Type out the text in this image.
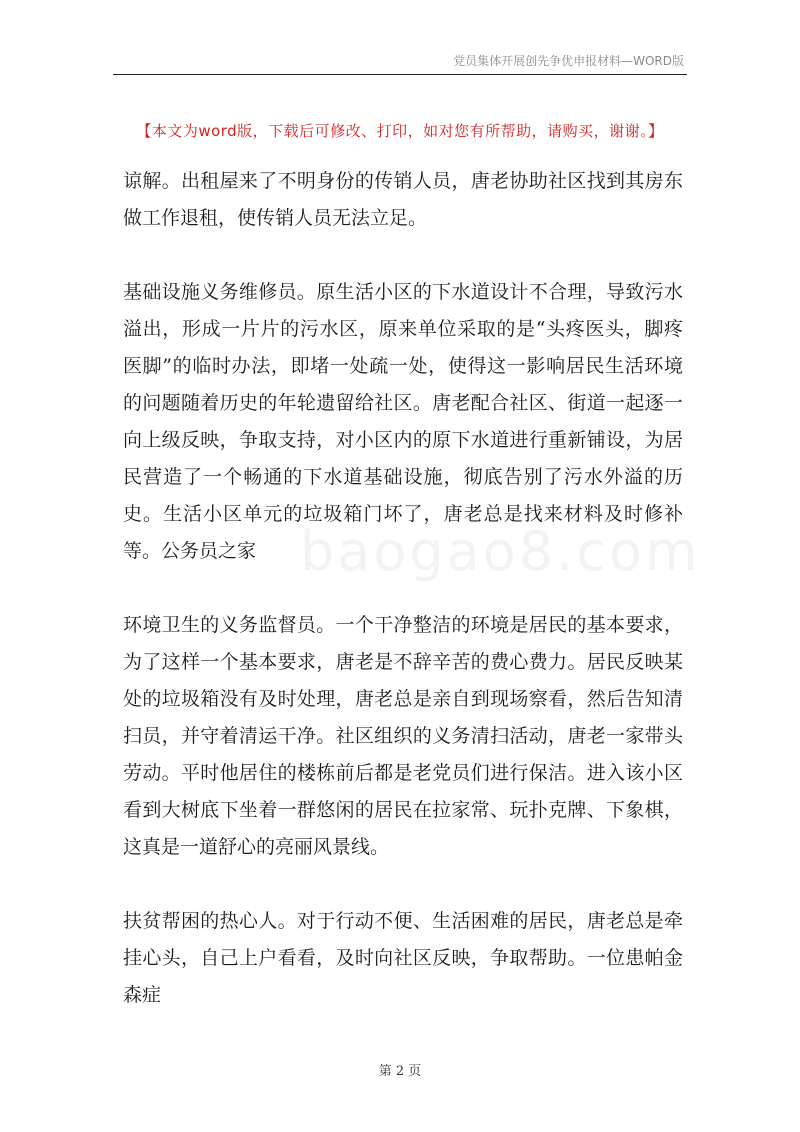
党员集体开展创先争优申报材料—WORD版
【本文为word版，下载后可修改、打印，如对您有所帮助，请购买，谢谢。】

谅解。出租屋来了不明身份的传销人员，唐老协助社区找到其房东做工作退租，使传销人员无法立足。

基础设施义务维修员。原生活小区的下水道设计不合理，导致污水溢出，形成一片片的污水区，原来单位采取的是“头疼医头，脚疼医脚”的临时办法，即堵一处疏一处，使得这一影响居民生活环境的问题随着历史的年轮遗留给社区。唐老配合社区、街道一起逐一向上级反映，争取支持，对小区内的原下水道进行重新铺设，为居民营造了一个畅通的下水道基础设施，彻底告别了污水外溢的历史。生活小区单元的垃圾箱门坏了，唐老总是找来材料及时修补等。公务员之家

环境卫生的义务监督员。一个干净整洁的环境是居民的基本要求，为了这样一个基本要求，唐老是不辞辛苦的费心费力。居民反映某处的垃圾箱没有及时处理，唐老总是亲自到现场察看，然后告知清扫员，并守着清运干净。社区组织的义务清扫活动，唐老一家带头劳动。平时他居住的楼栋前后都是老党员们进行保洁。进入该小区看到大树底下坐着一群悠闲的居民在拉家常、玩扑克牌、下象棋，这真是一道舒心的亮丽风景线。

扶贫帮困的热心人。对于行动不便、生活困难的居民，唐老总是牵挂心头，自己上户看看，及时向社区反映，争取帮助。一位患帕金森症

baogao8.com
第 2 页
